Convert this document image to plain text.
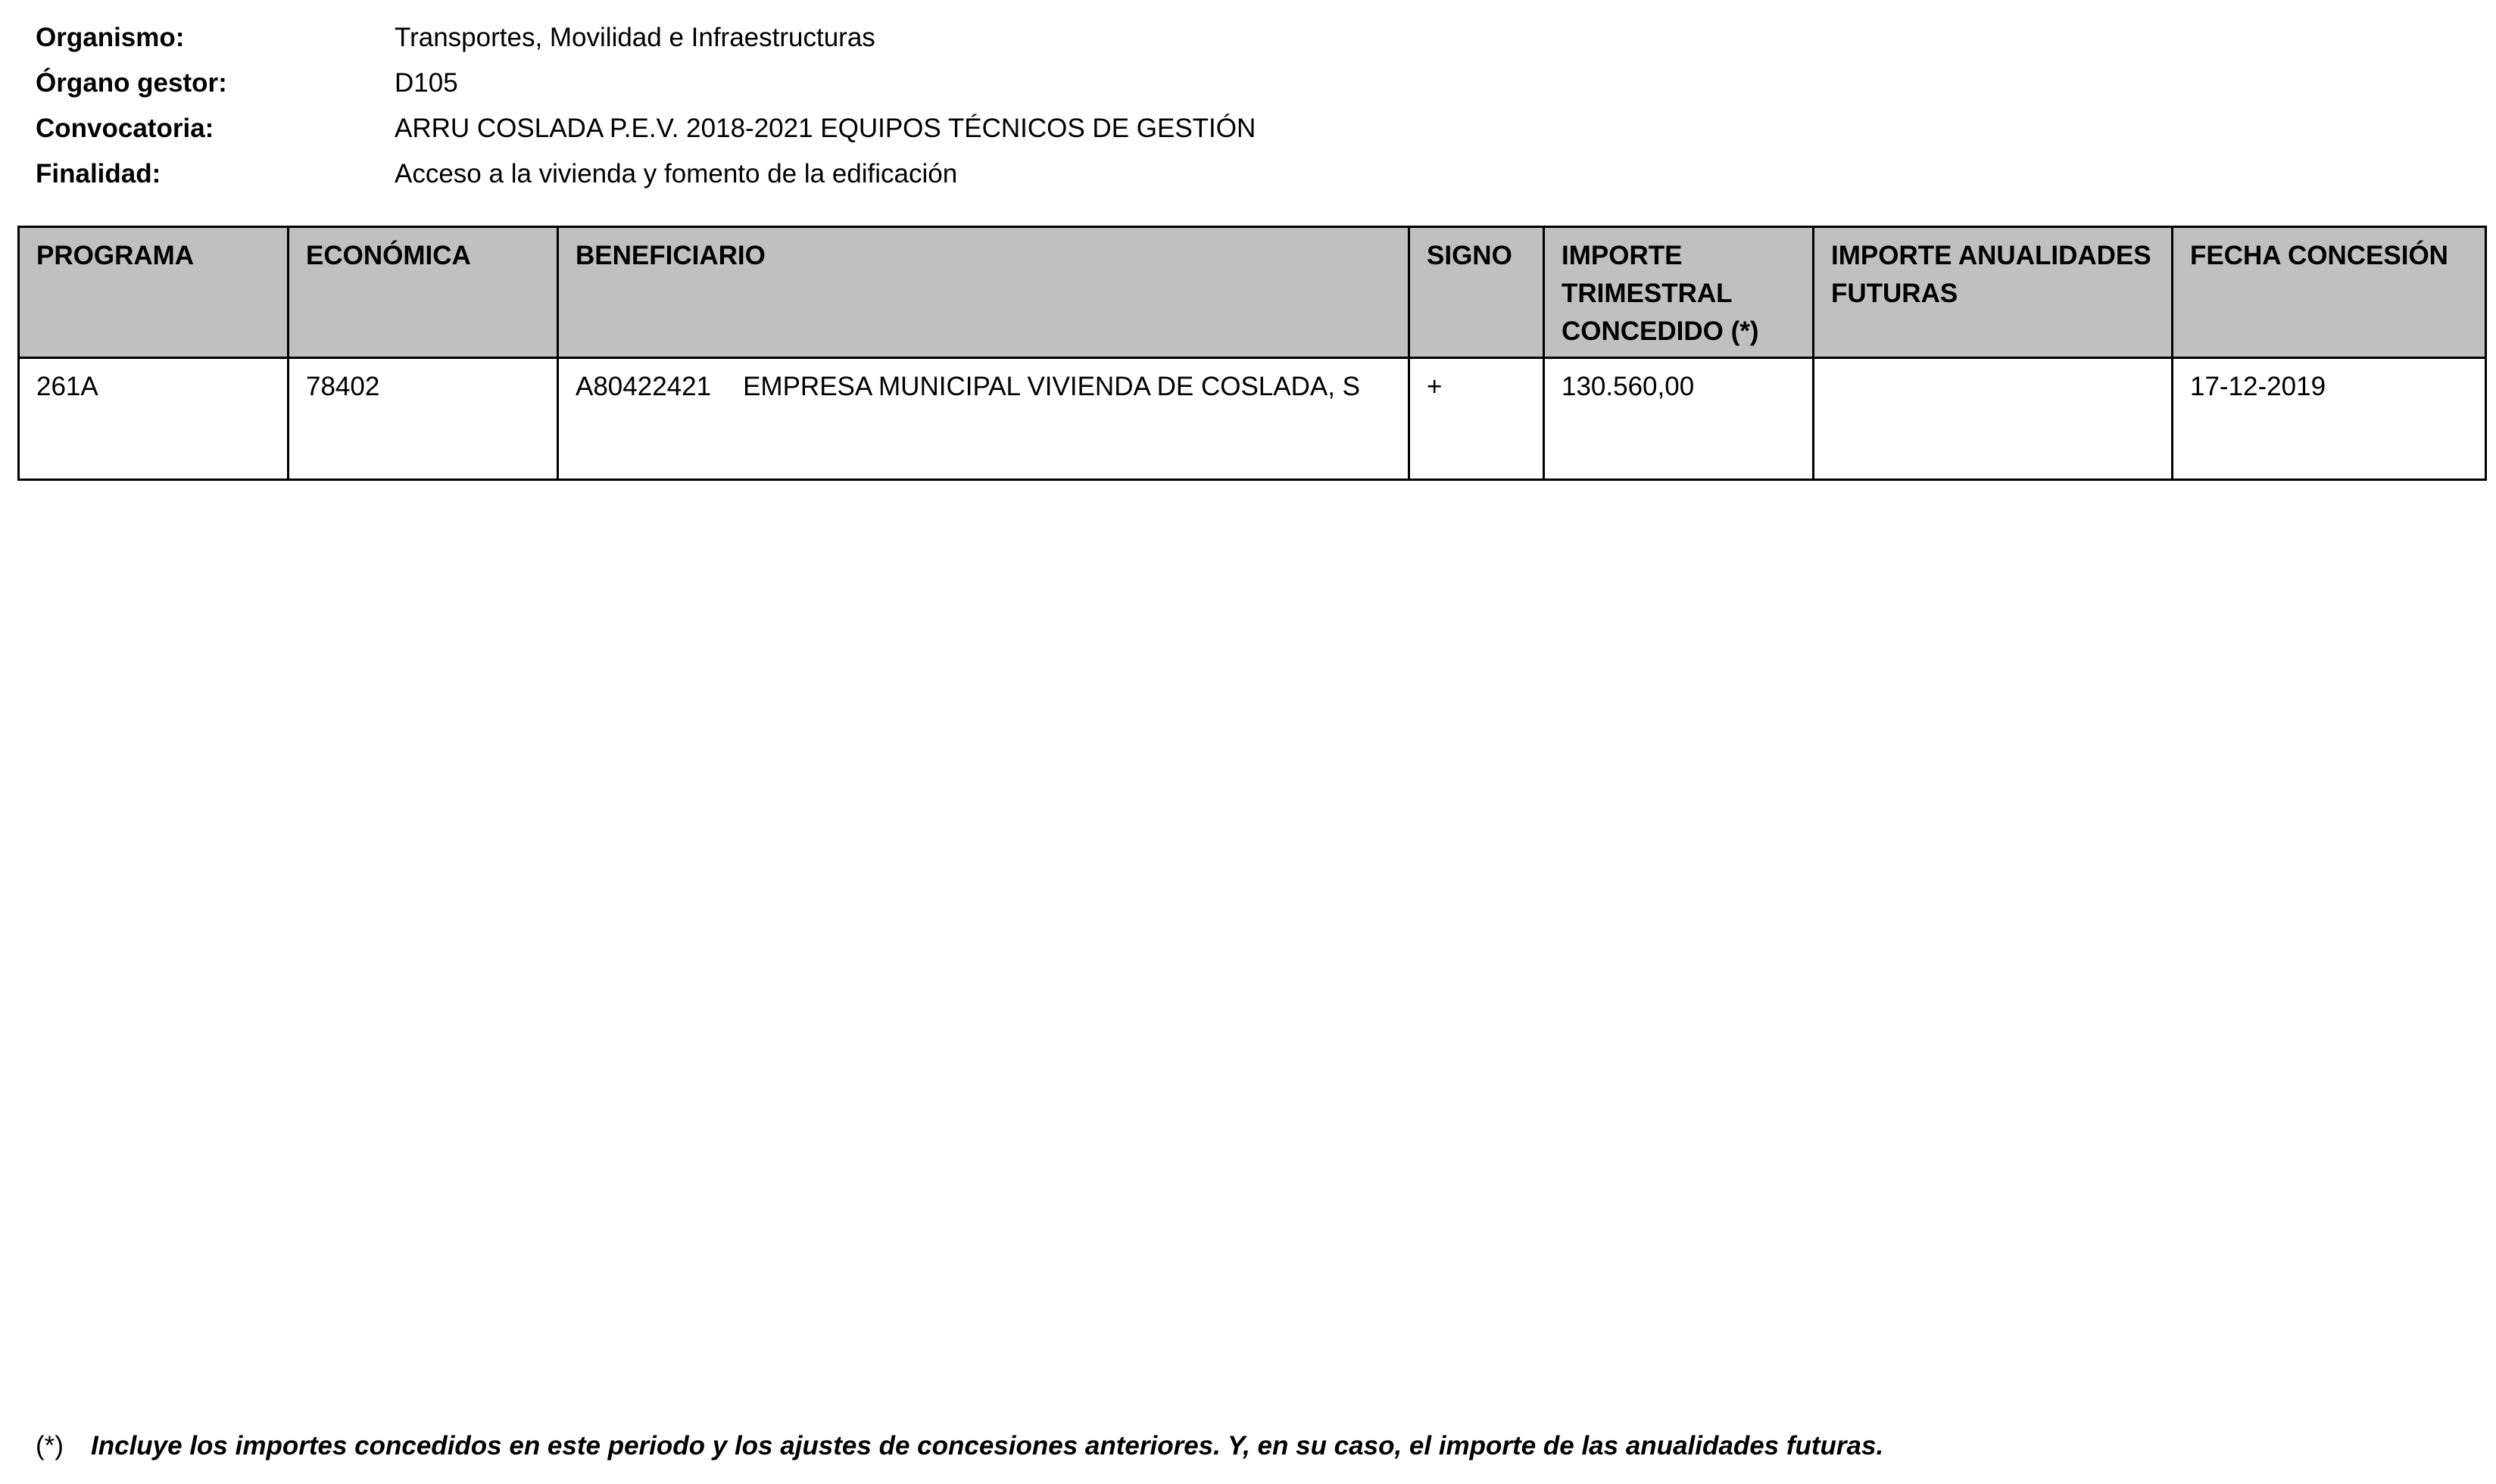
Organismo:	Transportes, Movilidad e Infraestructuras
Órgano gestor:	D105
Convocatoria:	ARRU COSLADA P.E.V. 2018-2021 EQUIPOS TÉCNICOS DE GESTIÓN
Finalidad:	Acceso a la vivienda y fomento de la edificación
PROGRAMA	ECONÓMICA	BENEFICIARIO	SIGNO	IMPORTE TRIMESTRAL CONCEDIDO (*)	IMPORTE ANUALIDADES FUTURAS	FECHA CONCESIÓN
261A	78402	A80422421 EMPRESA MUNICIPAL VIVIENDA DE COSLADA, S	+	130.560,00		17-12-2019
(*)	Incluye los importes concedidos en este periodo y los ajustes de concesiones anteriores. Y, en su caso, el importe de las anualidades futuras.
